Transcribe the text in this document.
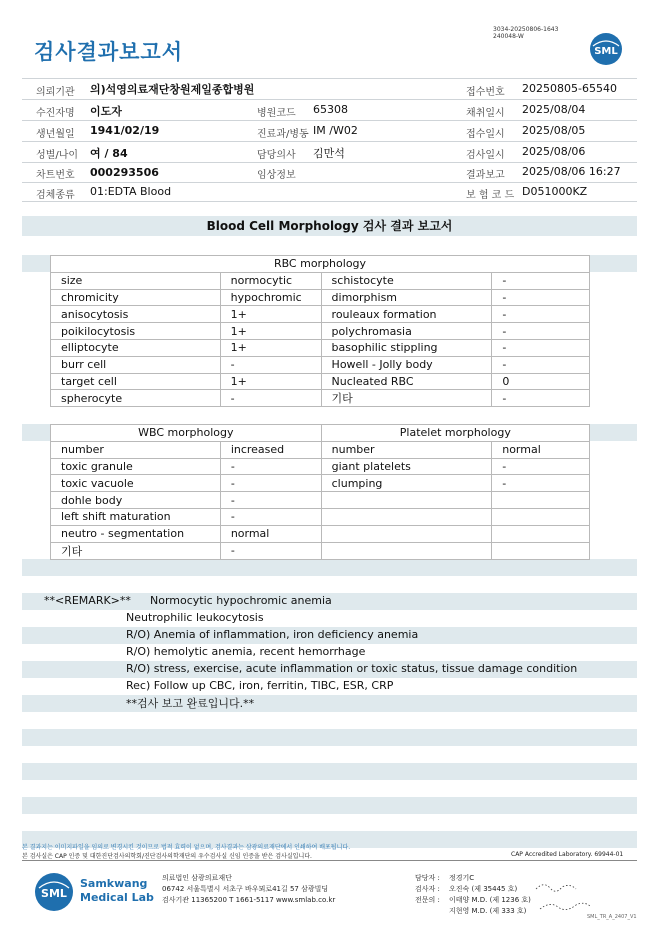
검사결과보고서
3034-20250806-1643
240048-W
SML
의뢰기관 의)석영의료재단창원제일종합병원	접수번호 20250805-65540
수진자명 이도자	병원코드 65308	채취일시 2025/08/04
생년월일 1941/02/19	진료과/병동 IM /W02	접수일시 2025/08/05
성별/나이 여 / 84	담당의사 김만석	검사일시 2025/08/06
차트번호 000293506	임상정보	결과보고 2025/08/06 16:27
검체종류 01:EDTA Blood	보 험 코 드 D051000KZ
Blood Cell Morphology 검사 결과 보고서
RBC morphology			
size	normocytic	schistocyte	-
chromicity	hypochromic	dimorphism	-
anisocytosis	1+	rouleaux formation	-
poikilocytosis	1+	polychromasia	-
elliptocyte	1+	basophilic stippling	-
burr cell	-	Howell - Jolly body	-
target cell	1+	Nucleated RBC	0
spherocyte	-	기타	-
WBC morphology		Platelet morphology	
number	increased	number	normal
toxic granule	-	giant platelets	-
toxic vacuole	-	clumping	-
dohle body	-		
left shift maturation	-		
neutro - segmentation	normal		
기타	-		
**<REMARK>** Normocytic hypochromic anemia
Neutrophilic leukocytosis
R/O) Anemia of inflammation, iron deficiency anemia
R/O) hemolytic anemia, recent hemorrhage
R/O) stress, exercise, acute inflammation or toxic status, tissue damage condition
Rec) Follow up CBC, iron, ferritin, TIBC, ESR, CRP
**검사 보고 완료입니다.**
본 결과지는 이미지파일을 임의로 변경시킨 것이므로 법적 효력이 없으며, 검사결과는 삼광의료재단에서 인쇄하여 배포됩니다.
본 검사실은 CAP 인증 및 대한진단검사의학회/진단검사의학재단의 우수검사실 신임 인증을 받은 검사실입니다.	CAP Accredited Laboratory. 69944-01
SML
Samkwang
Medical Lab
의료법인 삼광의료재단
06742 서울특별시 서초구 바우뫼로41길 57 삼광빌딩
검사기관 11365200 T 1661-5117 www.smlab.co.kr
담당자 : 정경기C
검사자 : 오진숙 (제 35445 호)
전문의 : 이태양 M.D. (제 1236 호)
지현영 M.D. (제 333 호)
SML_TR_A_2407_V1
